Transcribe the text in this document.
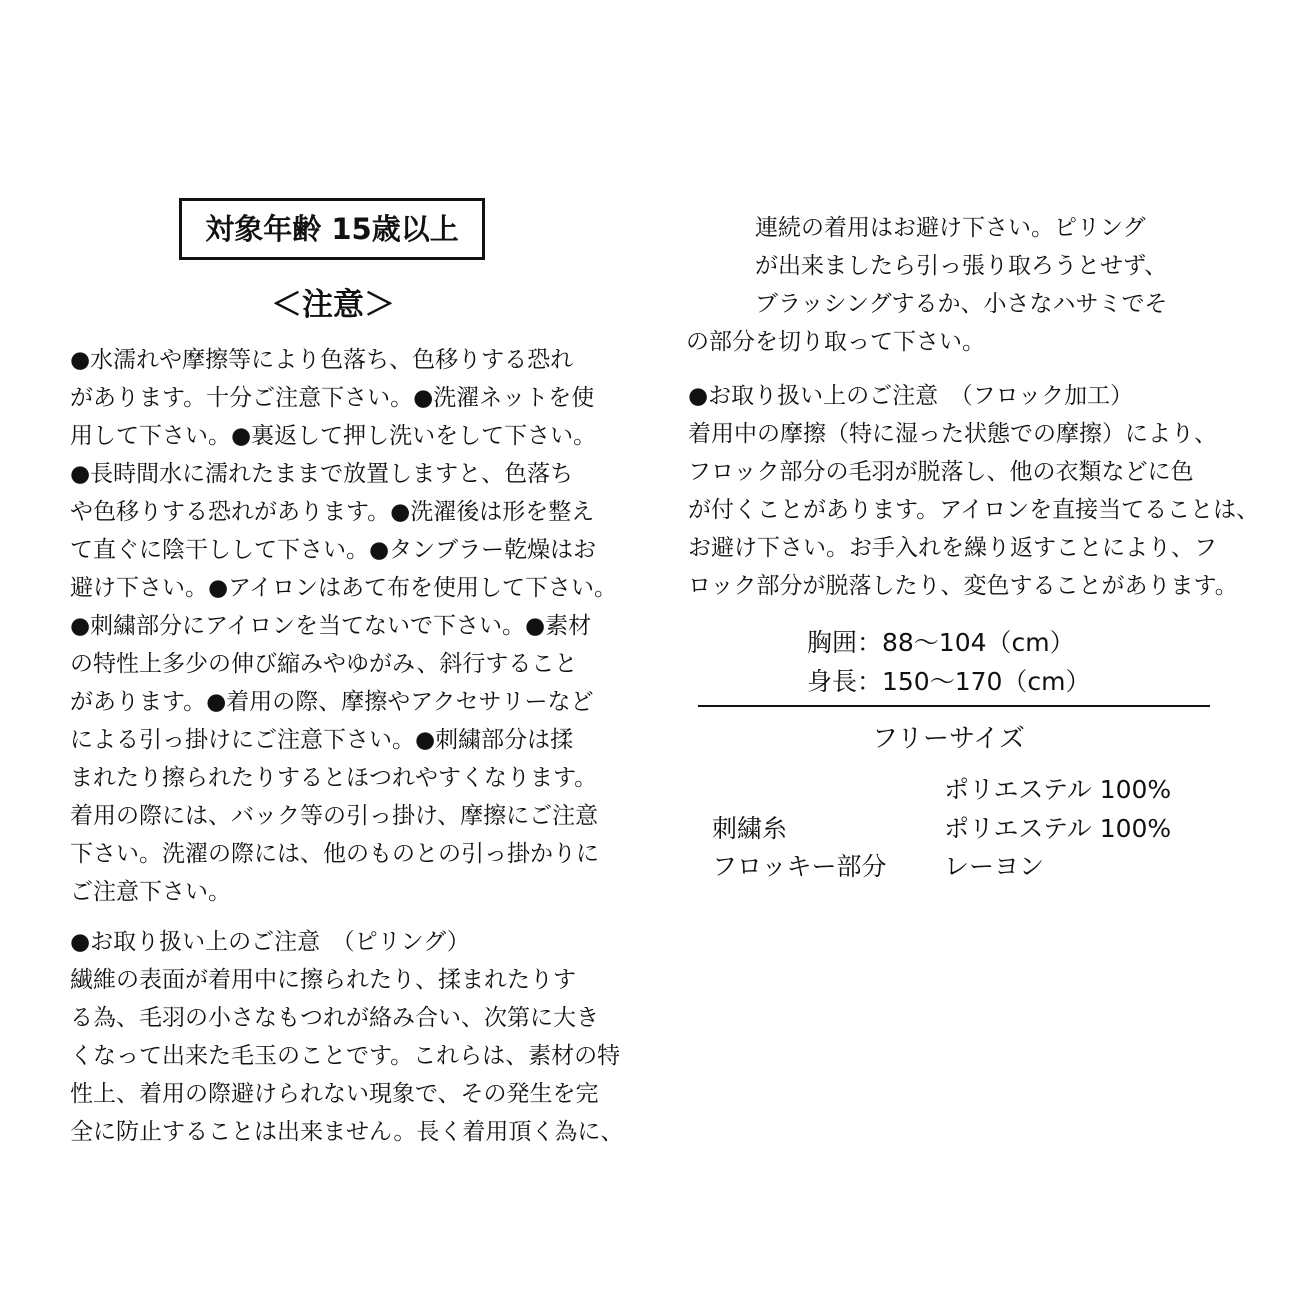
対象年齢 15歳以上
＜注意＞
●水濡れや摩擦等により色落ち、色移りする恐れ
があります。十分ご注意下さい。●洗濯ネットを使
用して下さい。●裏返して押し洗いをして下さい。
●長時間水に濡れたままで放置しますと、色落ち
や色移りする恐れがあります。●洗濯後は形を整え
て直ぐに陰干しして下さい。●タンブラー乾燥はお
避け下さい。●アイロンはあて布を使用して下さい。
●刺繍部分にアイロンを当てないで下さい。●素材
の特性上多少の伸び縮みやゆがみ、斜行すること
があります。●着用の際、摩擦やアクセサリーなど
による引っ掛けにご注意下さい。●刺繍部分は揉
まれたり擦られたりするとほつれやすくなります。
着用の際には、バック等の引っ掛け、摩擦にご注意
下さい。洗濯の際には、他のものとの引っ掛かりに
ご注意下さい。
●お取り扱い上のご注意　（ピリング）
繊維の表面が着用中に擦られたり、揉まれたりす
る為、毛羽の小さなもつれが絡み合い、次第に大き
くなって出来た毛玉のことです。これらは、素材の特
性上、着用の際避けられない現象で、その発生を完
全に防止することは出来ません。長く着用頂く為に、
　　　連続の着用はお避け下さい。ピリング
　　　が出来ましたら引っ張り取ろうとせず、
　　　ブラッシングするか、小さなハサミでそ
の部分を切り取って下さい。
●お取り扱い上のご注意　（フロック加工）
着用中の摩擦（特に湿った状態での摩擦）により、
フロック部分の毛羽が脱落し、他の衣類などに色
が付くことがあります。アイロンを直接当てることは、
お避け下さい。お手入れを繰り返すことにより、フ
ロック部分が脱落したり、変色することがあります。
胸囲：88～104（cm）
身長：150～170（cm）
フリーサイズ
ポリエステル 100%
刺繍糸	ポリエステル 100%
フロッキー部分 レーヨン
